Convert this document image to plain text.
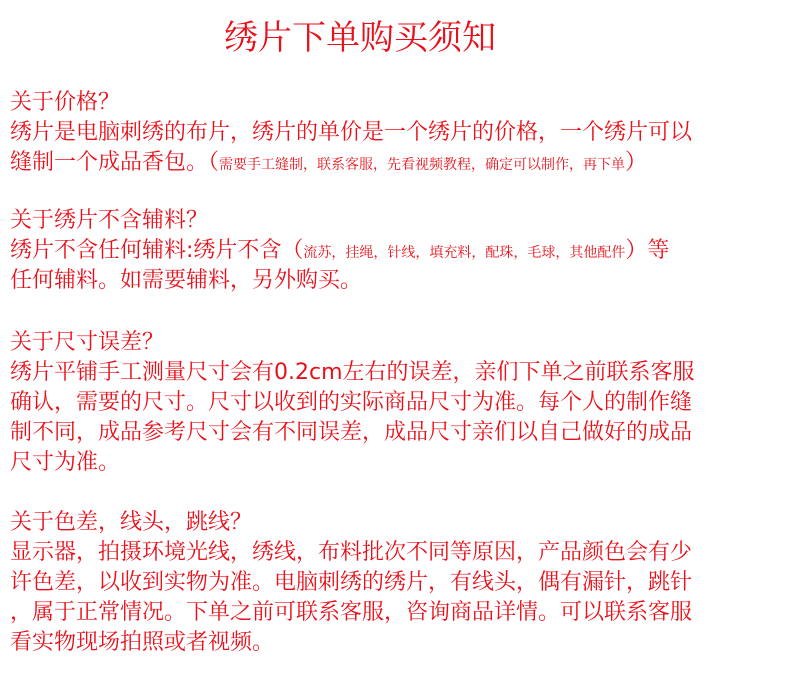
绣片下单购买须知
关于价格？
绣片是电脑刺绣的布片，绣片的单价是一个绣片的价格，一个绣片可以
缝制一个成品香包。（需要手工缝制，联系客服，先看视频教程，确定可以制作，再下单）
关于绣片不含辅料？
绣片不含任何辅料:绣片不含（流苏，挂绳，针线，填充料，配珠，毛球，其他配件）等
任何辅料。如需要辅料，另外购买。
关于尺寸误差？
绣片平铺手工测量尺寸会有0.2cm左右的误差，亲们下单之前联系客服
确认，需要的尺寸。尺寸以收到的实际商品尺寸为准。每个人的制作缝
制不同，成品参考尺寸会有不同误差，成品尺寸亲们以自己做好的成品
尺寸为准。
关于色差，线头，跳线？
显示器，拍摄环境光线，绣线，布料批次不同等原因，产品颜色会有少
许色差，以收到实物为准。电脑刺绣的绣片，有线头，偶有漏针，跳针
，属于正常情况。下单之前可联系客服，咨询商品详情。可以联系客服
看实物现场拍照或者视频。
